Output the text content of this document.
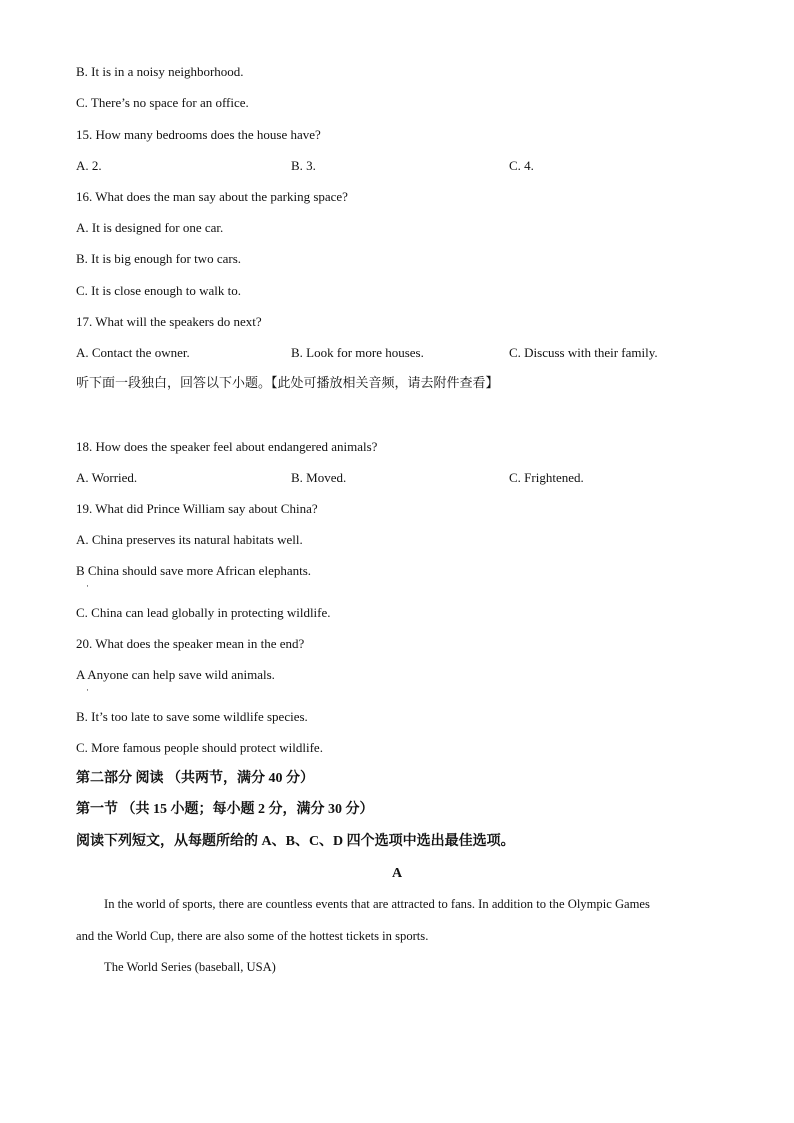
B. It is in a noisy neighborhood.
C. There’s no space for an office.
15. How many bedrooms does the house have?
A. 2.	B. 3.	C. 4.
16. What does the man say about the parking space?
A. It is designed for one car.
B. It is big enough for two cars.
C. It is close enough to walk to.
17. What will the speakers do next?
A. Contact the owner.	B. Look for more houses.	C. Discuss with their family.
听下面一段独白，回答以下小题。【此处可播放相关音频，请去附件查看】
18. How does the speaker feel about endangered animals?
A. Worried.	B. Moved.	C. Frightened.
19. What did Prince William say about China?
A. China preserves its natural habitats well.
B China should save more African elephants.
·
C. China can lead globally in protecting wildlife.
20. What does the speaker mean in the end?
A Anyone can help save wild animals.
·
B. It’s too late to save some wildlife species.
C. More famous people should protect wildlife.
第二部分 阅读 （共两节，满分 40 分）
第一节 （共 15 小题；每小题 2 分，满分 30 分）
阅读下列短文，从每题所给的 A、B、C、D 四个选项中选出最佳选项。
A
In the world of sports, there are countless events that are attracted to fans. In addition to the Olympic Games
and the World Cup, there are also some of the hottest tickets in sports.
The World Series (baseball, USA)
